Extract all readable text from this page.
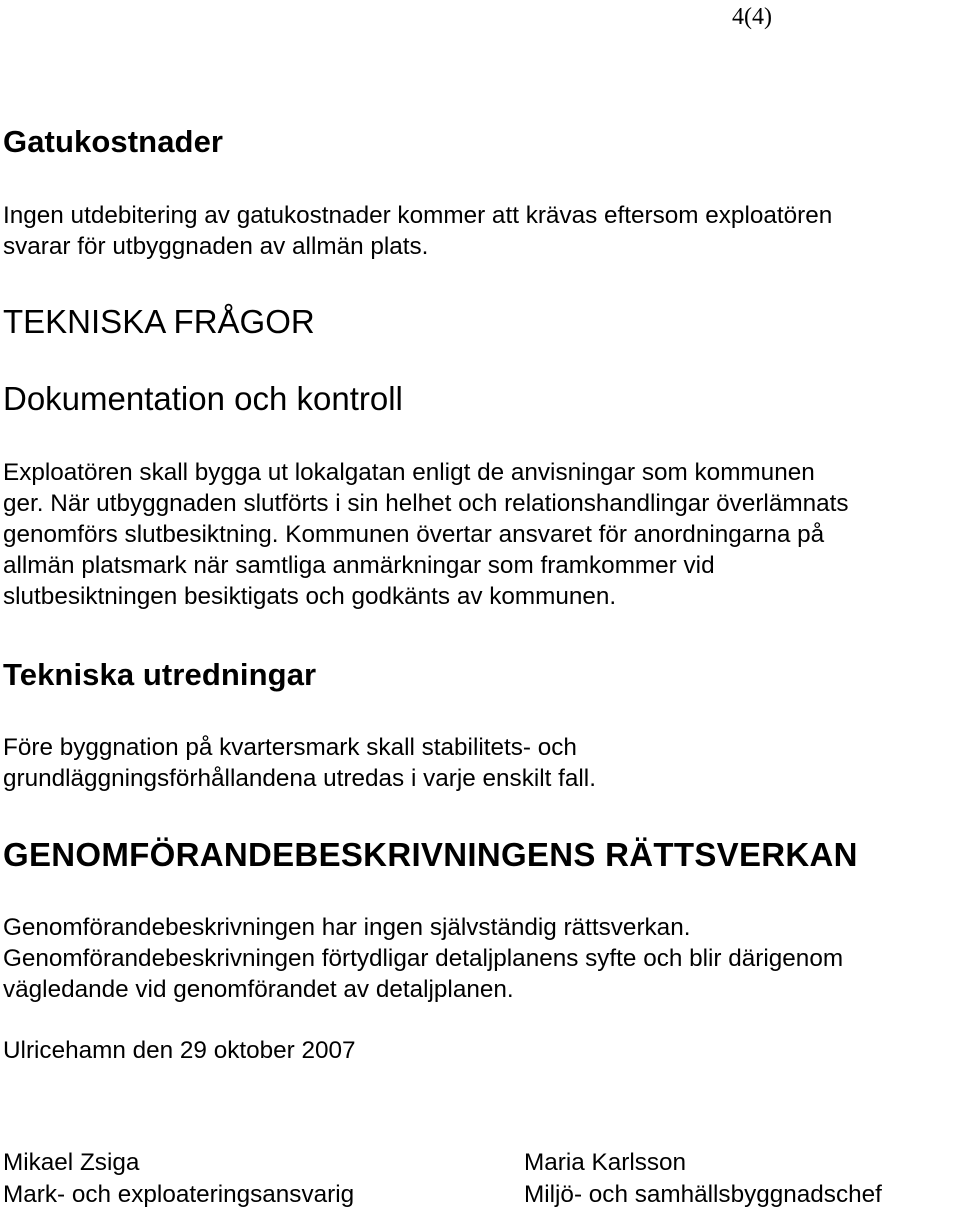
4(4)
Gatukostnader

Ingen utdebitering av gatukostnader kommer att krävas eftersom exploatören

svarar för utbyggnaden av allmän plats.

TEKNISKA FRÅGOR
Dokumentation och kontroll

Exploatören skall bygga ut lokalgatan enligt de anvisningar som kommunen

ger. När utbyggnaden slutförts i sin helhet och relationshandlingar överlämnats

genomförs slutbesiktning. Kommunen övertar ansvaret för anordningarna på

allmän platsmark när samtliga anmärkningar som framkommer vid

slutbesiktningen besiktigats och godkänts av kommunen.

Tekniska utredningar

Före byggnation på kvartersmark skall stabilitets- och

grundläggningsförhållandena utredas i varje enskilt fall.

GENOMFÖRANDEBESKRIVNINGENS RÄTTSVERKAN

Genomförandebeskrivningen har ingen självständig rättsverkan.

Genomförandebeskrivningen förtydligar detaljplanens syfte och blir därigenom

vägledande vid genomförandet av detaljplanen.

Ulricehamn den 29 oktober 2007

Mikael Zsiga
Mark- och exploateringsansvarig
Maria Karlsson
Miljö- och samhällsbyggnadschef
